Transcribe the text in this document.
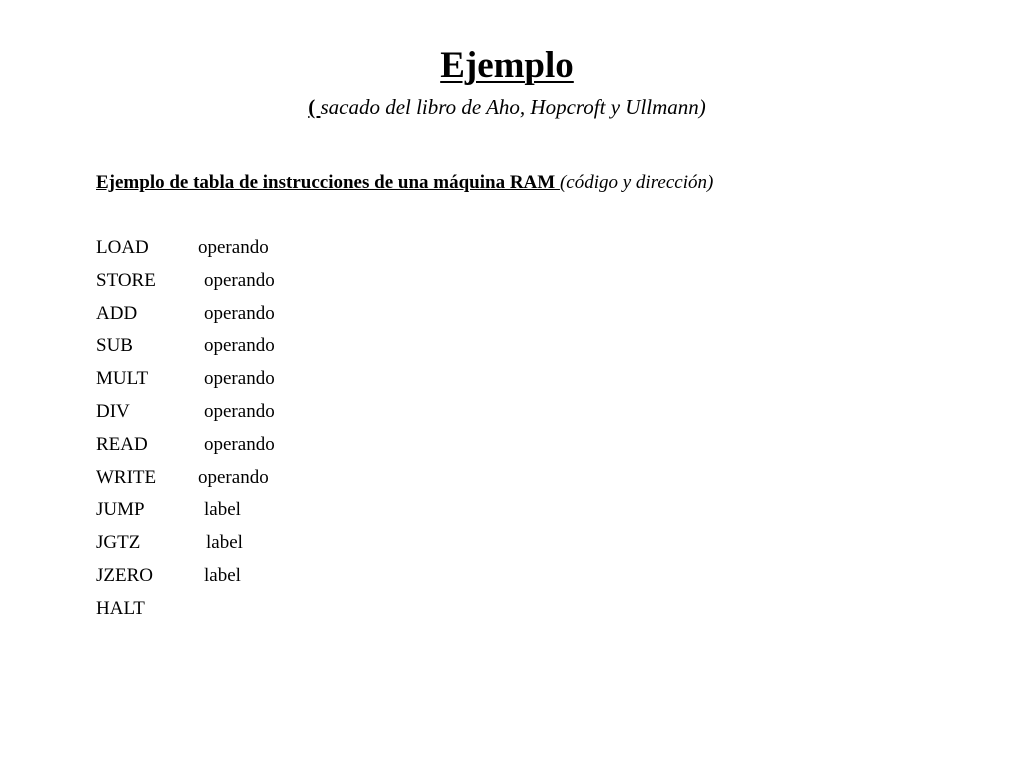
Ejemplo
( sacado del libro de Aho, Hopcroft y Ullmann)
Ejemplo de tabla de instrucciones de una máquina RAM (código y dirección)
LOAD	operando
STORE	operando
ADD	operando
SUB	operando
MULT	operando
DIV	operando
READ	operando
WRITE operando
JUMP	label
JGTZ	label
JZERO	label
HALT
